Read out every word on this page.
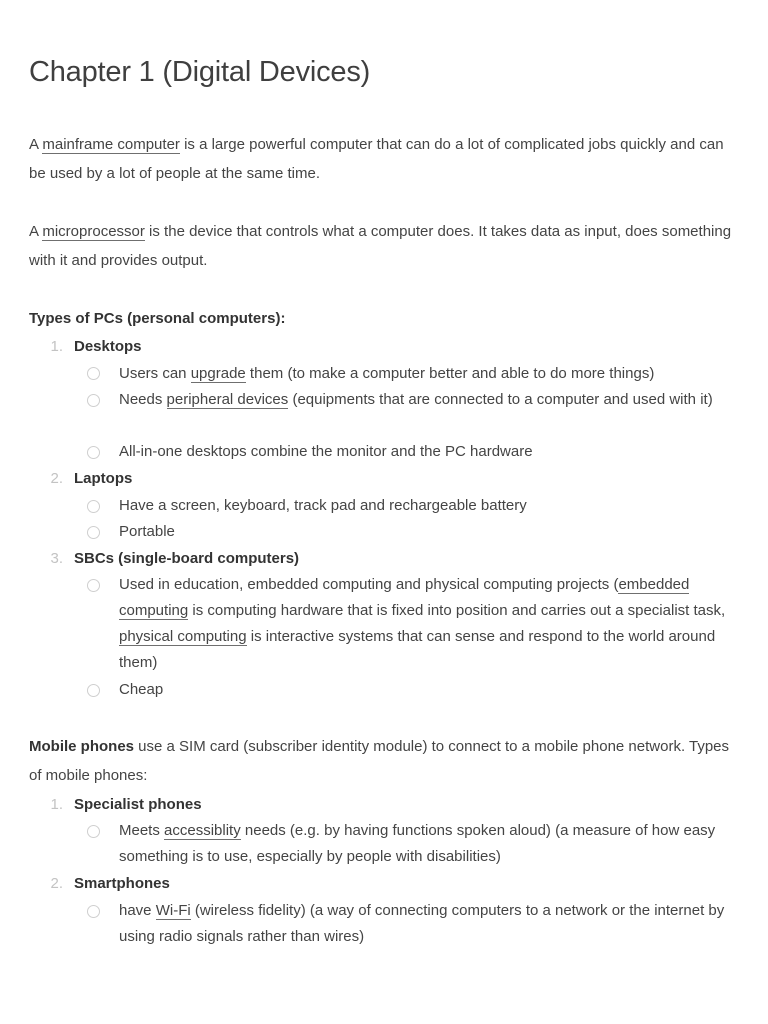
Chapter 1 (Digital Devices)

A mainframe computer is a large powerful computer that can do a lot of complicated jobs quickly and can be used by a lot of people at the same time.

A microprocessor is the device that controls what a computer does. It takes data as input, does something with it and provides output.

Types of PCs (personal computers):

1. Desktops
Users can upgrade them (to make a computer better and able to do more things)
Needs peripheral devices (equipments that are connected to a computer and used with it)
All-in-one desktops combine the monitor and the PC hardware
2. Laptops
Have a screen, keyboard, track pad and rechargeable battery
Portable
3. SBCs (single-board computers)
Used in education, embedded computing and physical computing projects (embedded computing is computing hardware that is fixed into position and carries out a specialist task, physical computing is interactive systems that can sense and respond to the world around them)
Cheap

Mobile phones use a SIM card (subscriber identity module) to connect to a mobile phone network. Types of mobile phones:

1. Specialist phones
Meets accessiblity needs (e.g. by having functions spoken aloud) (a measure of how easy something is to use, especially by people with disabilities)
2. Smartphones
have Wi-Fi (wireless fidelity) (a way of connecting computers to a network or the internet by using radio signals rather than wires)
